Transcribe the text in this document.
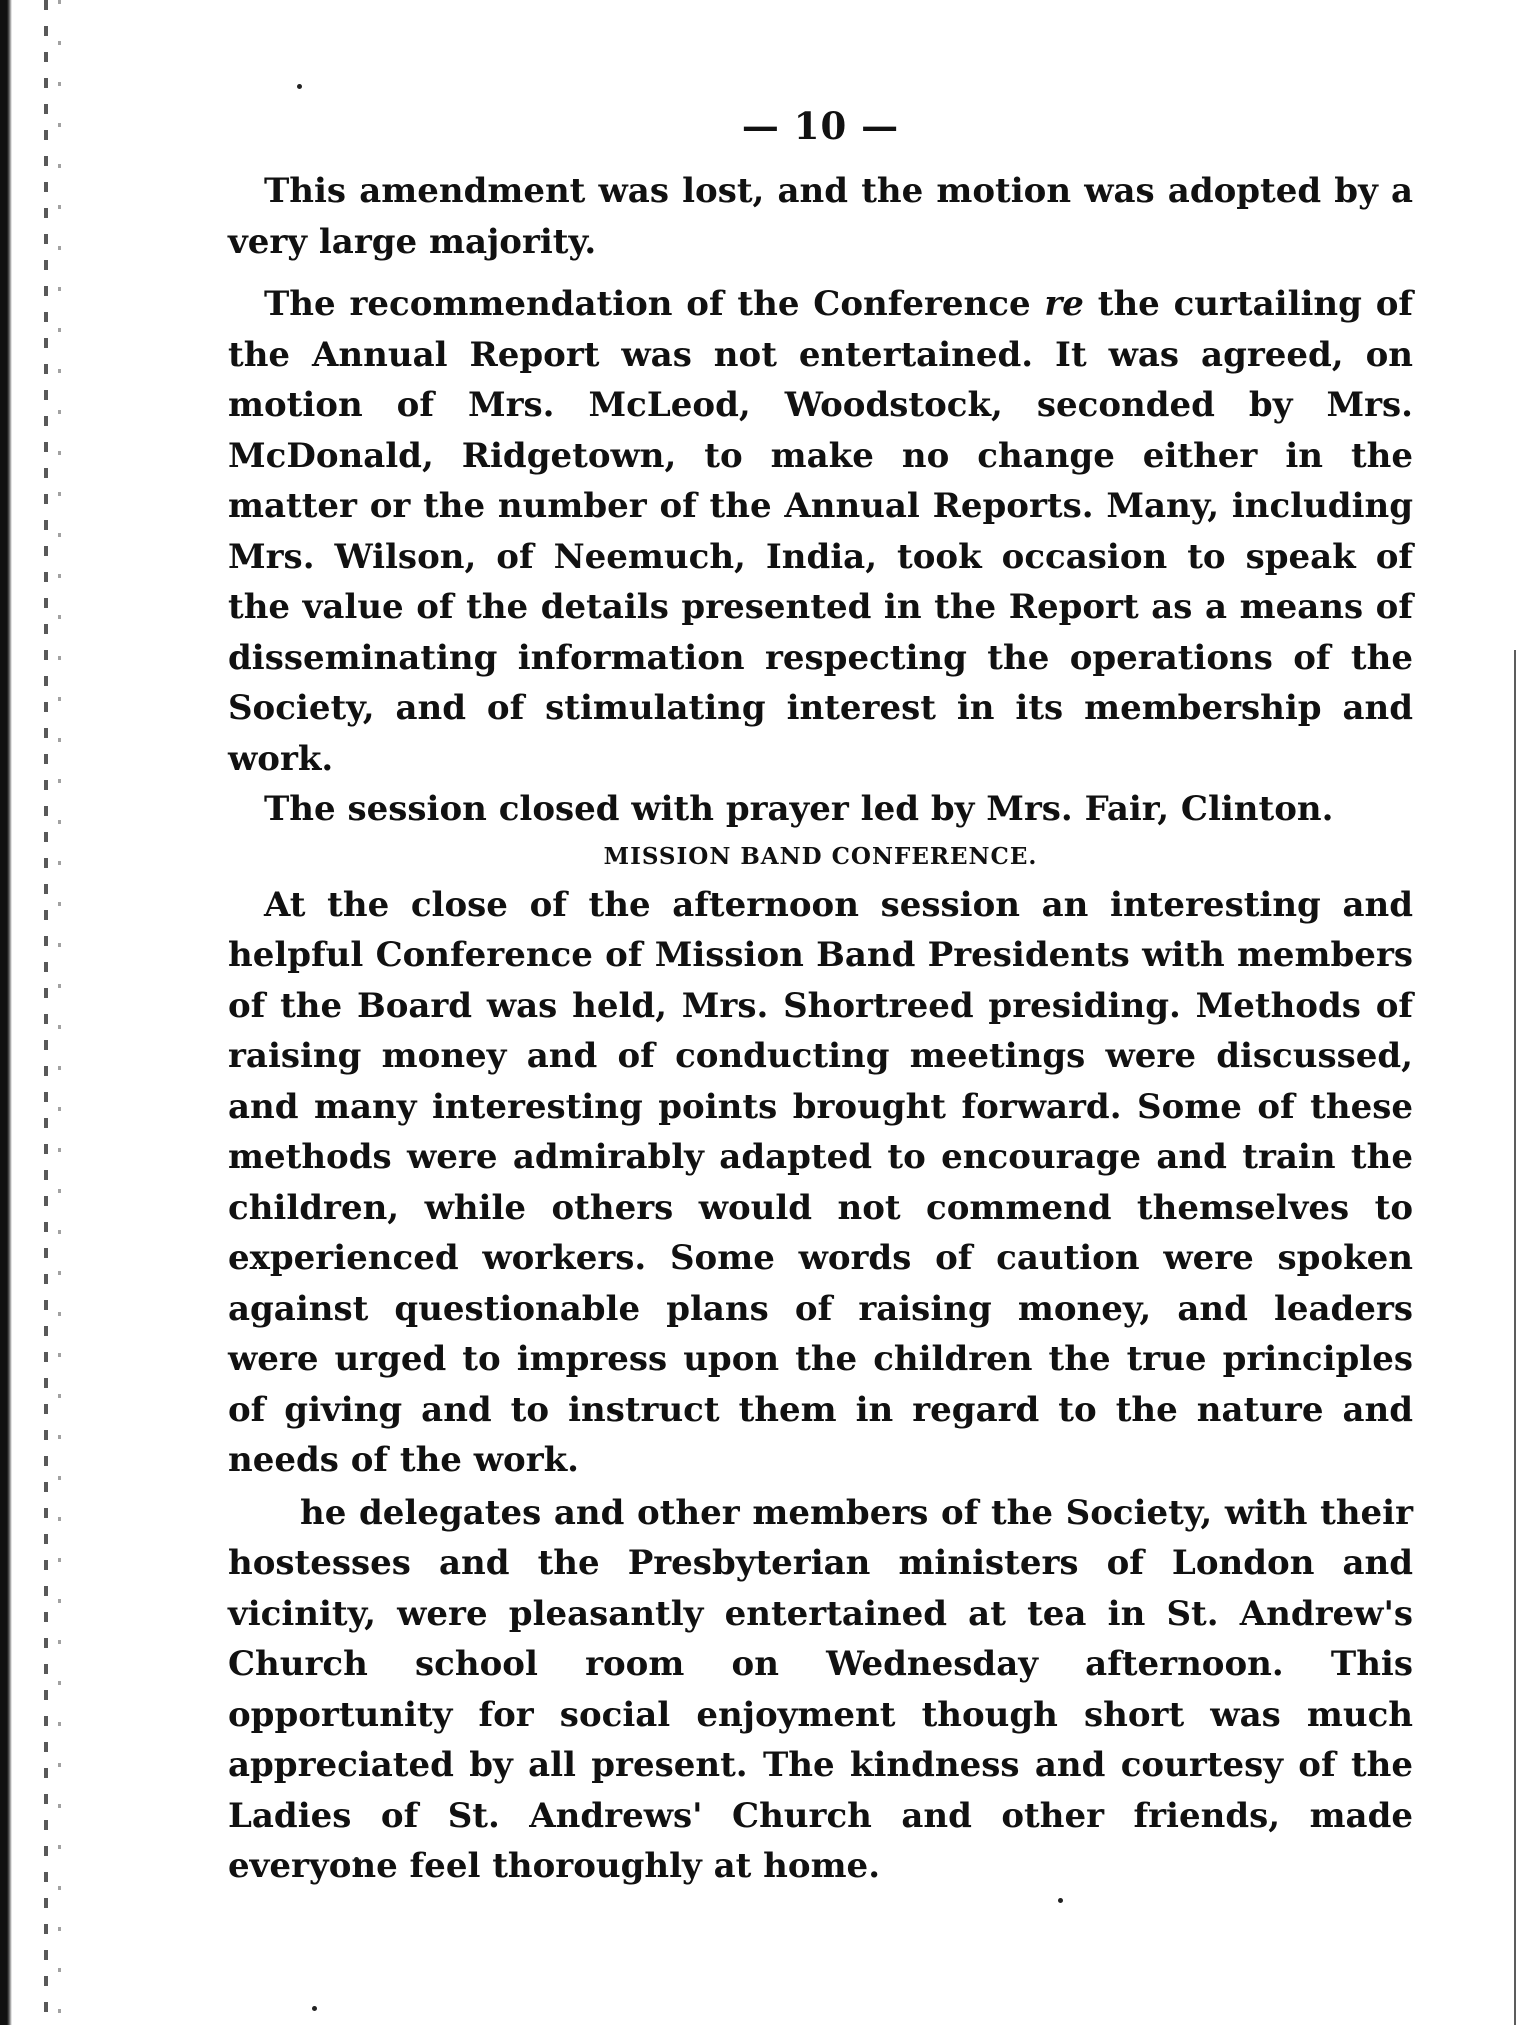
— 10 —

This amendment was lost, and the motion was adopted by a very large majority.

The recommendation of the Conference re the curtailing of the Annual Report was not entertained. It was agreed, on motion of Mrs. McLeod, Woodstock, seconded by Mrs. McDonald, Ridgetown, to make no change either in the matter or the number of the Annual Reports. Many, including Mrs. Wilson, of Neemuch, India, took occasion to speak of the value of the details presented in the Report as a means of disseminating information respecting the operations of the Society, and of stimulating interest in its membership and work.

The session closed with prayer led by Mrs. Fair, Clinton.

MISSION BAND CONFERENCE.

At the close of the afternoon session an interesting and helpful Conference of Mission Band Presidents with members of the Board was held, Mrs. Shortreed presiding. Methods of raising money and of conducting meetings were discussed, and many interesting points brought forward. Some of these methods were admirably adapted to encourage and train the children, while others would not commend themselves to experienced workers. Some words of caution were spoken against questionable plans of raising money, and leaders were urged to impress upon the children the true principles of giving and to instruct them in regard to the nature and needs of the work.

he delegates and other members of the Society, with their hostesses and the Presbyterian ministers of London and vicinity, were pleasantly entertained at tea in St. Andrew's Church school room on Wednesday afternoon. This opportunity for social enjoyment though short was much appreciated by all present. The kindness and courtesy of the Ladies of St. Andrews' Church and other friends, made everyone feel thoroughly at home.
